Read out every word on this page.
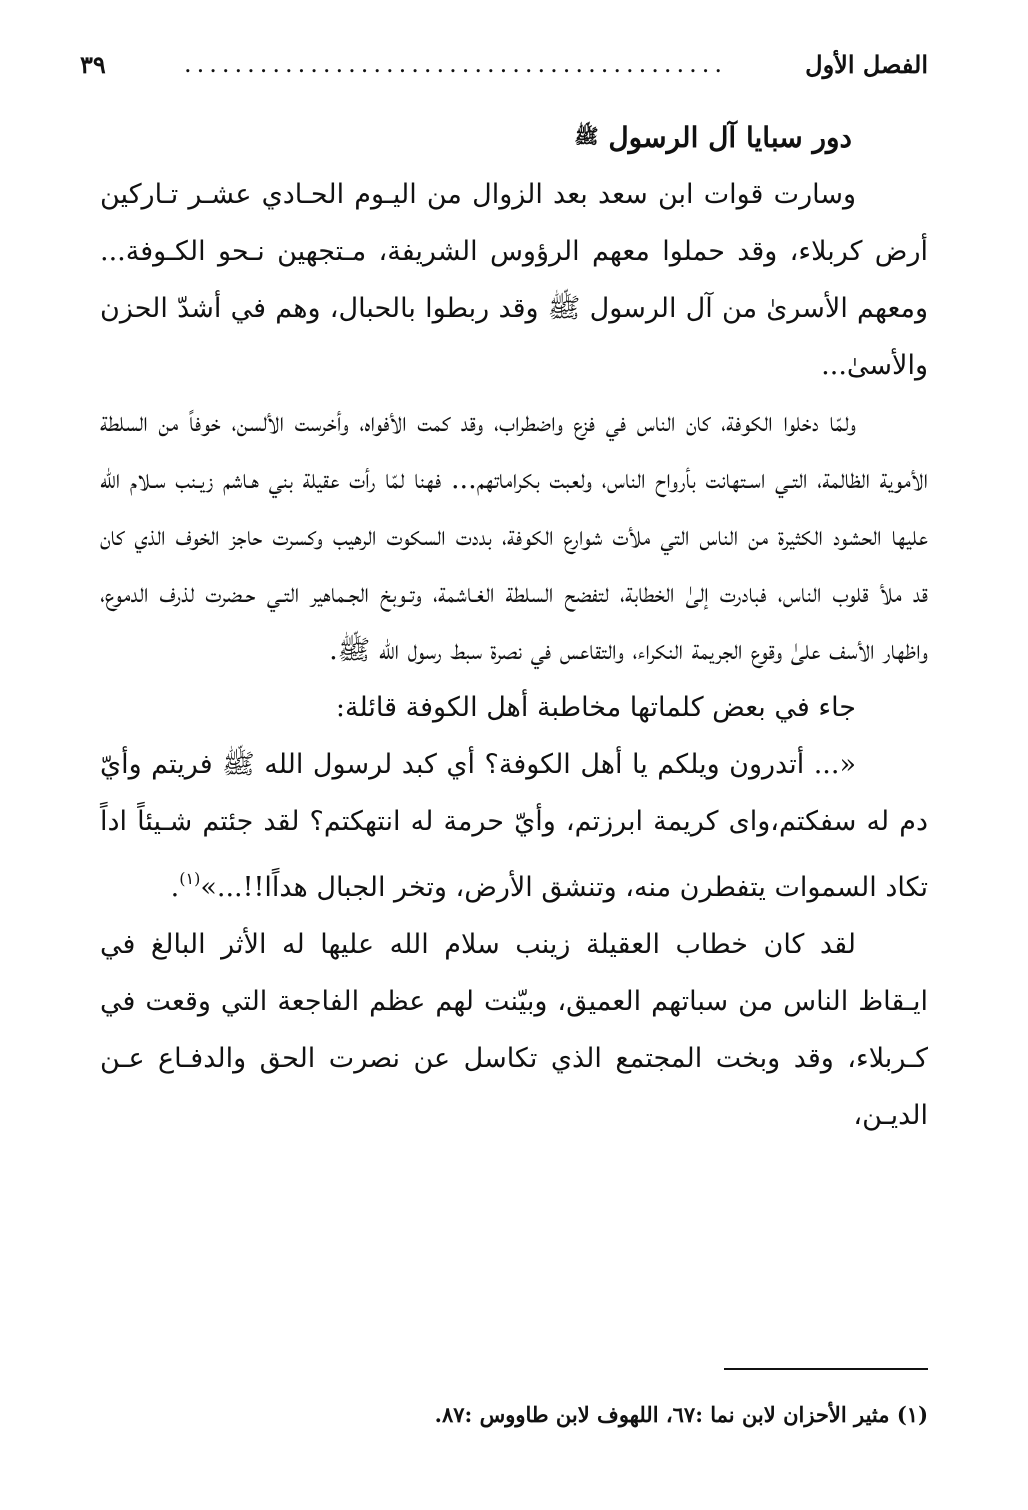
الفصل الأول
...........................................
٣٩
دور سبايا آل الرسول ﷺ

وسارت قوات ابن سعد بعد الزوال من اليـوم الحـادي عشـر تـاركين أرض كربلاء، وقد حملوا معهم الرؤوس الشريفة، مـتجهين نـحو الكـوفة... ومعهم الأسرىٰ من آل الرسول ﷺ وقد ربطوا بالحبال، وهم في أشدّ الحزن والأسىٰ...

ولمّا دخلوا الكوفة، كان الناس في فزع واضطراب، وقد كمت الأفواه، وأخرست الألسن، خوفاً من السلطة الأموية الظالمة، التـي اسـتهانت بأرواح الناس، ولعبت بكراماتهم... فهنا لمّا رأت عقيلة بني هـاشم زيـنب سـلام الله عليها الحشود الكثيرة من الناس التي ملأت شوارع الكوفة، بددت السكوت الرهيب وكسرت حاجز الخوف الذي كان قد ملأ قلوب الناس، فبادرت إلىٰ الخطابة، لتفضح السلطة الغـاشمة، وتـوبخ الجـماهير التـي حـضرت لذرف الدموع، واظهار الأسف علىٰ وقوع الجريمة النكراء، والتقاعس في نصرة سبط رسول الله ﷺ.

جاء في بعض كلماتها مخاطبة أهل الكوفة قائلة:

«... أتدرون ويلكم يا أهل الكوفة؟ أي كبد لرسول الله ﷺ فريتم وأيّ دم له سفكتم،واى كريمة ابرزتم، وأيّ حرمة له انتهكتم؟ لقد جئتم شـيئاً اداً تكاد السموات يتفطرن منه، وتنشق الأرض، وتخر الجبال هداًا!!...»$^{(١)}$.

لقد كان خطاب العقيلة زينب سلام الله عليها له الأثر البالغ في ايـقاظ الناس من سباتهم العميق، وبيّنت لهم عظم الفاجعة التي وقعت في كـربلاء، وقد وبخت المجتمع الذي تكاسل عن نصرت الحق والدفـاع عـن الديـن،

(١) مثير الأحزان لابن نما :٦٧، اللهوف لابن طاووس :٨٧.
